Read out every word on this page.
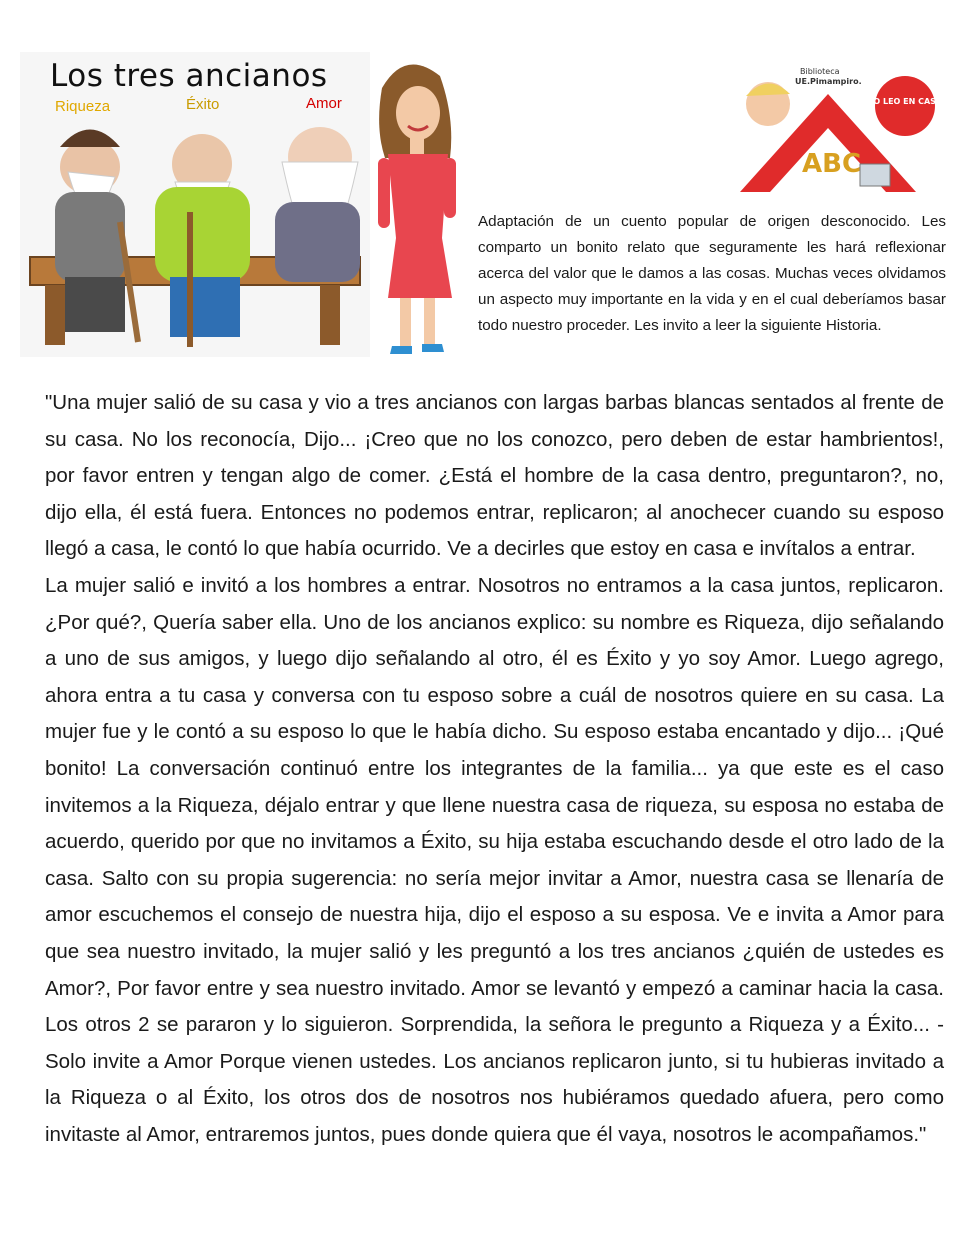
Los tres ancianos
Riqueza	Éxito	Amor
ABC
Biblioteca
UE.Pimampiro.
YO LEO EN CASA
Adaptación de un cuento popular de origen desconocido. Les comparto un bonito relato que seguramente les hará reflexionar acerca del valor que le damos a las cosas. Muchas veces olvidamos un aspecto muy importante en la vida y en el cual deberíamos basar todo nuestro proceder. Les invito a leer la siguiente Historia.

"Una mujer salió de su casa y vio a tres ancianos con largas barbas blancas sentados al frente de su casa. No los reconocía, Dijo... ¡Creo que no los conozco, pero deben de estar hambrientos!, por favor entren y tengan algo de comer. ¿Está el hombre de la casa dentro, preguntaron?, no, dijo ella, él está fuera. Entonces no podemos entrar, replicaron; al anochecer cuando su esposo llegó a casa, le contó lo que había ocurrido. Ve a decirles que estoy en casa e invítalos a entrar.

La mujer salió e invitó a los hombres a entrar. Nosotros no entramos a la casa juntos, replicaron. ¿Por qué?, Quería saber ella. Uno de los ancianos explico: su nombre es Riqueza, dijo señalando a uno de sus amigos, y luego dijo señalando al otro, él es Éxito y yo soy Amor. Luego agrego, ahora entra a tu casa y conversa con tu esposo sobre a cuál de nosotros quiere en su casa. La mujer fue y le contó a su esposo lo que le había dicho. Su esposo estaba encantado y dijo... ¡Qué bonito! La conversación continuó entre los integrantes de la familia... ya que este es el caso invitemos a la Riqueza, déjalo entrar y que llene nuestra casa de riqueza, su esposa no estaba de acuerdo, querido por que no invitamos a Éxito, su hija estaba escuchando desde el otro lado de la casa. Salto con su propia sugerencia: no sería mejor invitar a Amor, nuestra casa se llenaría de amor escuchemos el consejo de nuestra hija, dijo el esposo a su esposa. Ve e invita a Amor para que sea nuestro invitado, la mujer salió y les preguntó a los tres ancianos ¿quién de ustedes es Amor?, Por favor entre y sea nuestro invitado. Amor se levantó y empezó a caminar hacia la casa. Los otros 2 se pararon y lo siguieron. Sorprendida, la señora le pregunto a Riqueza y a Éxito... -Solo invite a Amor Porque vienen ustedes. Los ancianos replicaron junto, si tu hubieras invitado a la Riqueza o al Éxito, los otros dos de nosotros nos hubiéramos quedado afuera, pero como invitaste al Amor, entraremos juntos, pues donde quiera que él vaya, nosotros le acompañamos."
